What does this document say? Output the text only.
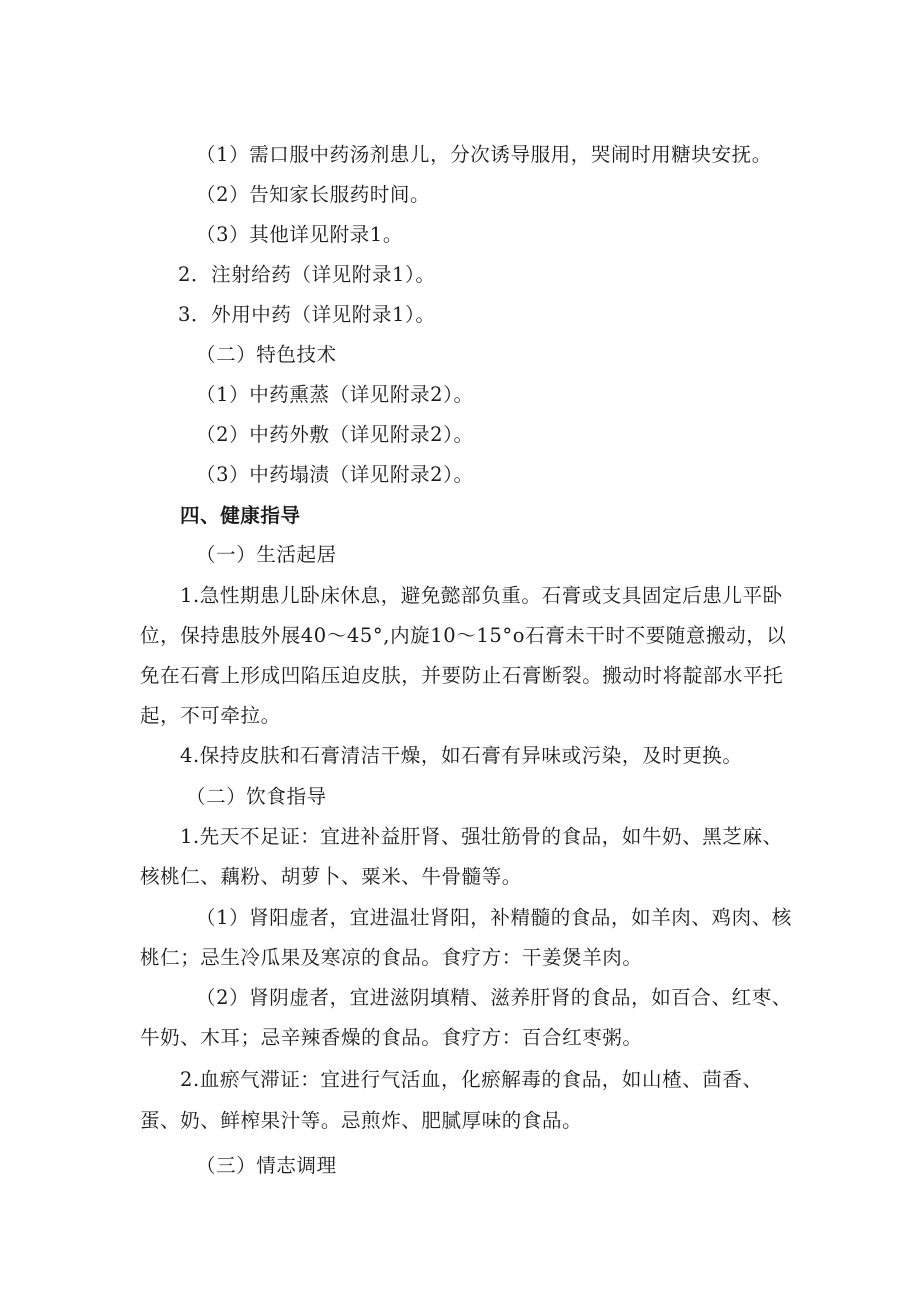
（1）需口服中药汤剂患儿，分次诱导服用，哭闹时用糖块安抚。
（2）告知家长服药时间。
（3）其他详见附录1。
2．注射给药（详见附录1）。
3．外用中药（详见附录1）。
（二）特色技术
（1）中药熏蒸（详见附录2）。
（2）中药外敷（详见附录2）。
（3）中药塌渍（详见附录2）。
四、健康指导
（一）生活起居
1.急性期患儿卧床休息，避免懿部负重。石膏或支具固定后患儿平卧
位，保持患肢外展40～45°,内旋10～15°o石膏未干时不要随意搬动，以
免在石膏上形成凹陷压迫皮肤，并要防止石膏断裂。搬动时将靛部水平托
起，不可牵拉。
4.保持皮肤和石膏清洁干燥，如石膏有异味或污染，及时更换。
（二）饮食指导
1.先天不足证：宜进补益肝肾、强壮筋骨的食品，如牛奶、黑芝麻、
核桃仁、藕粉、胡萝卜、粟米、牛骨髓等。
（1）肾阳虚者，宜进温壮肾阳，补精髓的食品，如羊肉、鸡肉、核
桃仁；忌生冷瓜果及寒凉的食品。食疗方：干姜煲羊肉。
（2）肾阴虚者，宜进滋阴填精、滋养肝肾的食品，如百合、红枣、
牛奶、木耳；忌辛辣香燥的食品。食疗方：百合红枣粥。
2.血瘀气滞证：宜进行气活血，化瘀解毒的食品，如山楂、茴香、
蛋、奶、鲜榨果汁等。忌煎炸、肥腻厚味的食品。
（三）情志调理
